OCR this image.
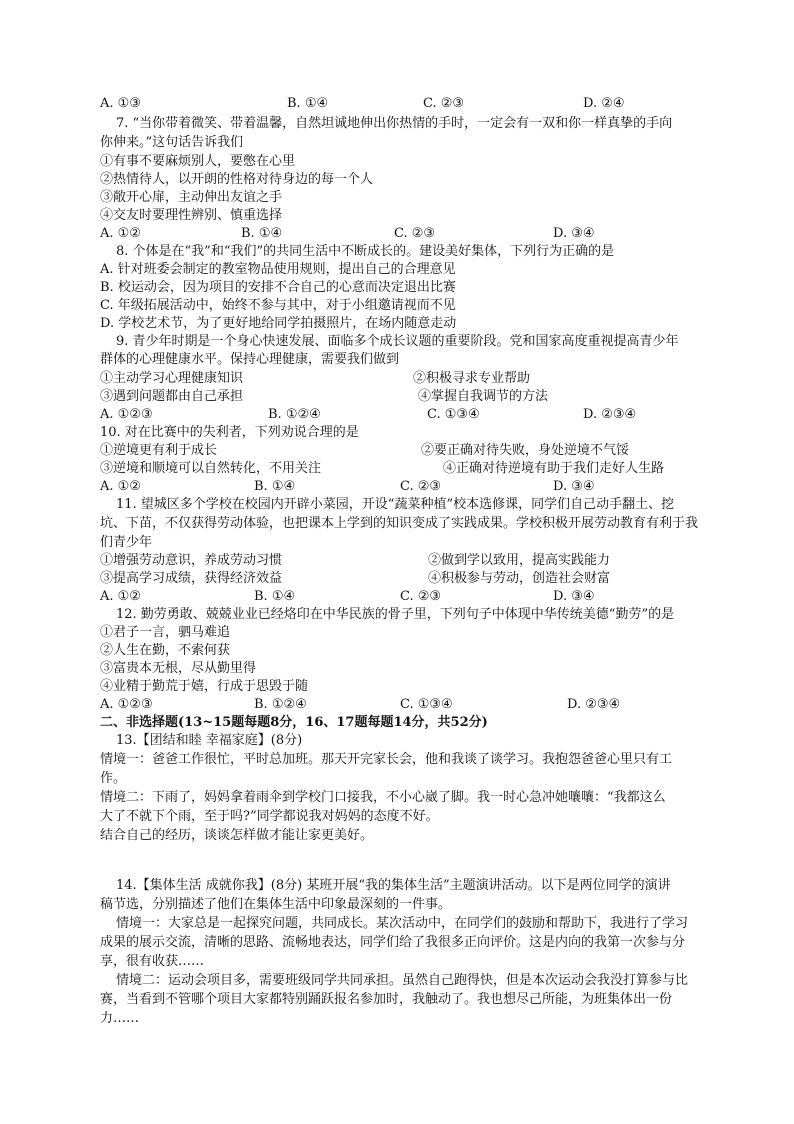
A. ①③	B. ①④	C. ②③	D. ②④
7. “当你带着微笑、带着温馨，自然坦诚地伸出你热情的手时，一定会有一双和你一样真挚的手向
你伸来。”这句话告诉我们
①有事不要麻烦别人，要憋在心里
②热情待人，以开朗的性格对待身边的每一个人
③敞开心扉，主动伸出友谊之手
④交友时要理性辨别、慎重选择
A. ①②	B. ①④	C. ②③	D. ③④
8. 个体是在“我”和“我们”的共同生活中不断成长的。建设美好集体，下列行为正确的是
A. 针对班委会制定的教室物品使用规则，提出自己的合理意见
B. 校运动会，因为项目的安排不合自己的心意而决定退出比赛
C. 年级拓展活动中，始终不参与其中，对于小组邀请视而不见
D. 学校艺术节，为了更好地给同学拍摄照片，在场内随意走动
9. 青少年时期是一个身心快速发展、面临多个成长议题的重要阶段。党和国家高度重视提高青少年
群体的心理健康水平。保持心理健康，需要我们做到
①主动学习心理健康知识	②积极寻求专业帮助
③遇到问题都由自己承担	④掌握自我调节的方法
A. ①②③	B. ①②④	C. ①③④	D. ②③④
10. 对在比赛中的失利者，下列劝说合理的是
①逆境更有利于成长	②要正确对待失败，身处逆境不气馁
③逆境和顺境可以自然转化，不用关注	④正确对待逆境有助于我们走好人生路
A. ①②	B. ①④	C. ②③	D. ③④
11. 望城区多个学校在校园内开辟小菜园，开设“蔬菜种植”校本选修课，同学们自己动手翻土、挖
坑、下苗，不仅获得劳动体验，也把课本上学到的知识变成了实践成果。学校积极开展劳动教育有利于我
们青少年
①增强劳动意识，养成劳动习惯	②做到学以致用，提高实践能力
③提高学习成绩，获得经济效益	④积极参与劳动，创造社会财富
A. ①②	B. ①④	C. ②③	D. ③④
12. 勤劳勇敢、兢兢业业已经烙印在中华民族的骨子里，下列句子中体现中华传统美德“勤劳”的是
①君子一言，驷马难追
②人生在勤，不索何获
③富贵本无根，尽从勤里得
④业精于勤荒于嬉，行成于思毁于随
A. ①②③	B. ①②④	C. ①③④	D. ②③④
二、非选择题(13~15题每题8分，16、17题每题14分，共52分)
13.【团结和睦 幸福家庭】(8分)
情境一：爸爸工作很忙，平时总加班。那天开完家长会，他和我谈了谈学习。我抱怨爸爸心里只有工
作。
情境二：下雨了，妈妈拿着雨伞到学校门口接我，不小心崴了脚。我一时心急冲她嚷嚷：“我都这么
大了不就下个雨，至于吗?”同学都说我对妈妈的态度不好。
结合自己的经历，谈谈怎样做才能让家更美好。
14.【集体生活 成就你我】(8分) 某班开展“我的集体生活”主题演讲活动。以下是两位同学的演讲
稿节选，分别描述了他们在集体生活中印象最深刻的一件事。
情境一：大家总是一起探究问题，共同成长。某次活动中，在同学们的鼓励和帮助下，我进行了学习
成果的展示交流，清晰的思路、流畅地表达，同学们给了我很多正向评价。这是内向的我第一次参与分
享，很有收获……
情境二：运动会项目多，需要班级同学共同承担。虽然自己跑得快，但是本次运动会我没打算参与比
赛，当看到不管哪个项目大家都特别踊跃报名参加时，我触动了。我也想尽己所能，为班集体出一份
力……
